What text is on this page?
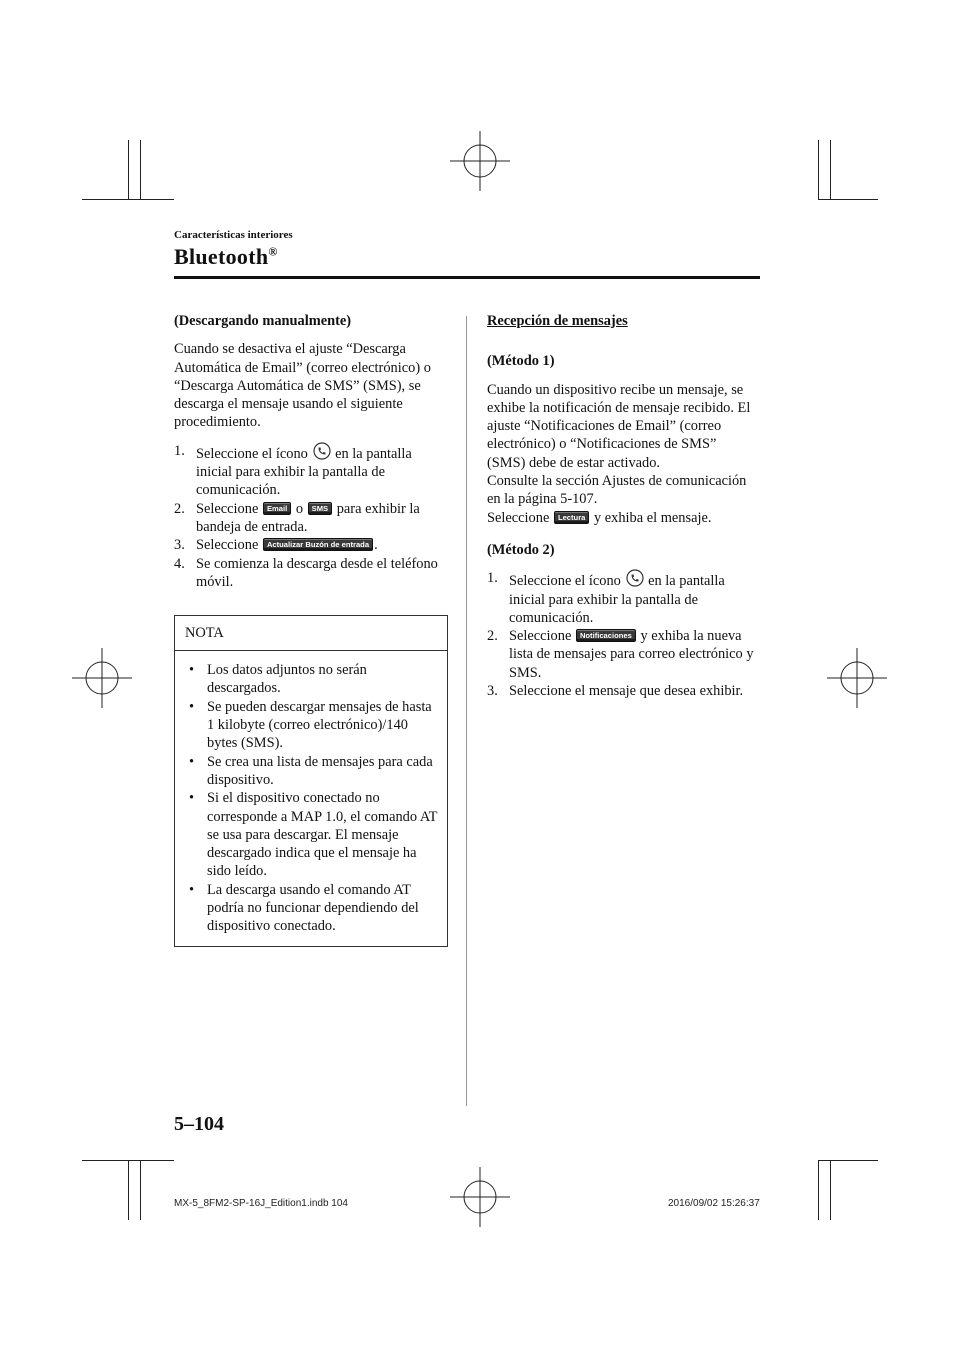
Características interiores
Bluetooth®

(Descargando manualmente)

Cuando se desactiva el ajuste “Descarga Automática de Email” (correo electrónico) o “Descarga Automática de SMS” (SMS), se descarga el mensaje usando el siguiente procedimiento.

1. Seleccione el ícono en la pantalla inicial para exhibir la pantalla de comunicación.
2. Seleccione Email o SMS para exhibir la bandeja de entrada.
3. Seleccione Actualizar Buzón de entrada .
4. Se comienza la descarga desde el teléfono móvil.
NOTA
• Los datos adjuntos no serán descargados.
• Se pueden descargar mensajes de hasta 1 kilobyte (correo electrónico)/140 bytes (SMS).
• Se crea una lista de mensajes para cada dispositivo.
• Si el dispositivo conectado no corresponde a MAP 1.0, el comando AT se usa para descargar. El mensaje descargado indica que el mensaje ha sido leído.
• La descarga usando el comando AT podría no funcionar dependiendo del dispositivo conectado.

Recepción de mensajes

(Método 1)

Cuando un dispositivo recibe un mensaje, se exhibe la notificación de mensaje recibido. El ajuste “Notificaciones de Email” (correo electrónico) o “Notificaciones de SMS” (SMS) debe de estar activado.

Consulte la sección Ajustes de comunicación en la página 5-107.

Seleccione Lectura y exhiba el mensaje.

(Método 2)

1. Seleccione el ícono en la pantalla inicial para exhibir la pantalla de comunicación.
2. Seleccione Notificaciones y exhiba la nueva lista de mensajes para correo electrónico y SMS.
3. Seleccione el mensaje que desea exhibir.
5–104
MX-5_8FM2-SP-16J_Edition1.indb 104	2016/09/02 15:26:37
